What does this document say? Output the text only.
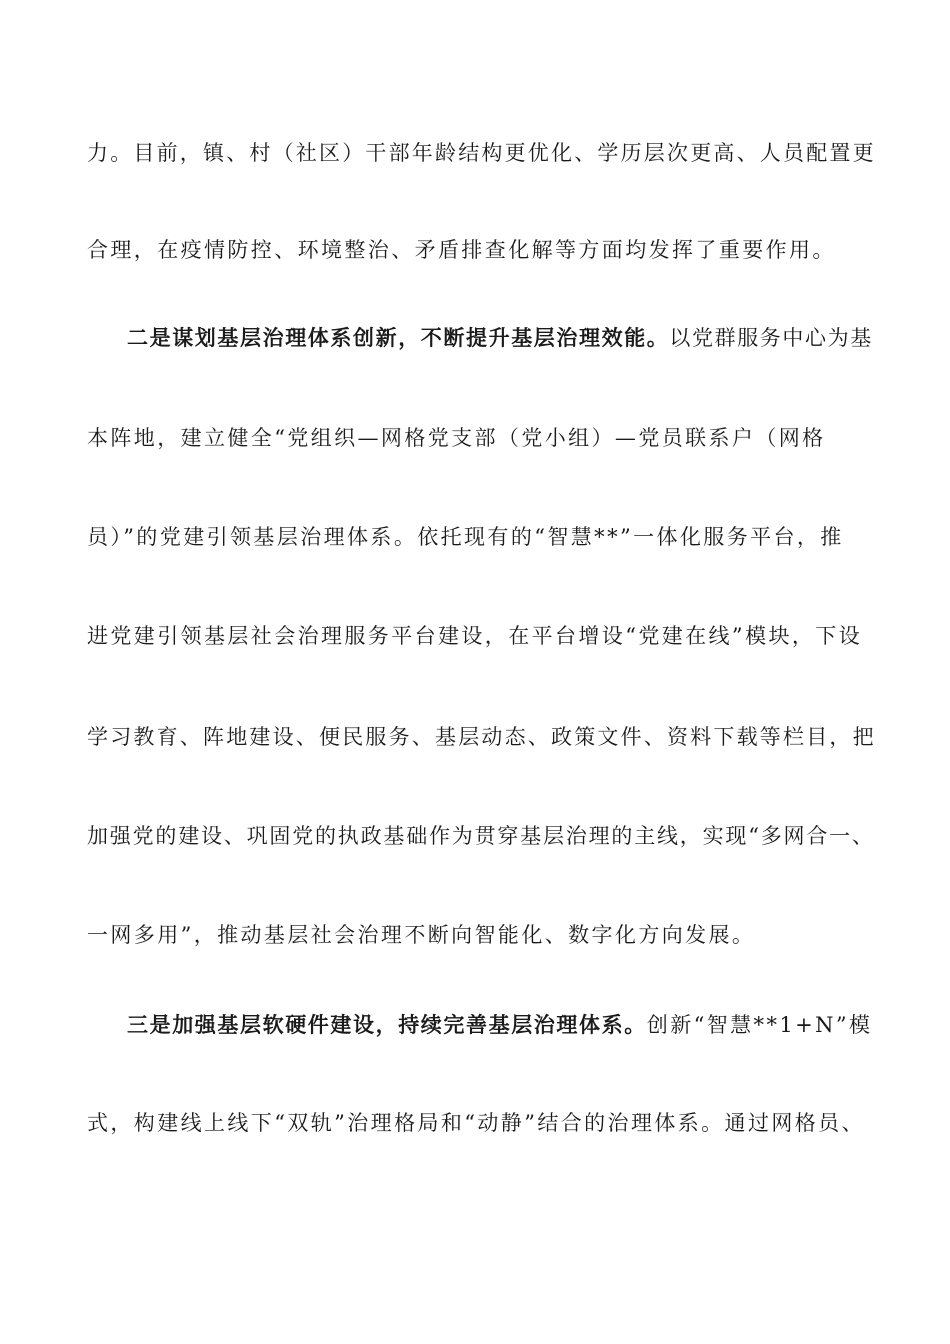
力。目前，镇、村（社区）干部年龄结构更优化、学历层次更高、人员配置更
合理，在疫情防控、环境整治、矛盾排查化解等方面均发挥了重要作用。
二是谋划基层治理体系创新，不断提升基层治理效能。以党群服务中心为基
本阵地，建立健全“党组织—网格党支部（党小组）—党员联系户（网格
员）”的党建引领基层治理体系。依托现有的“智慧**”一体化服务平台，推
进党建引领基层社会治理服务平台建设，在平台增设“党建在线”模块，下设
学习教育、阵地建设、便民服务、基层动态、政策文件、资料下载等栏目，把
加强党的建设、巩固党的执政基础作为贯穿基层治理的主线，实现“多网合一、
一网多用”，推动基层社会治理不断向智能化、数字化方向发展。
三是加强基层软硬件建设，持续完善基层治理体系。创新“智慧**1+N”模
式，构建线上线下“双轨”治理格局和“动静”结合的治理体系。通过网格员、
